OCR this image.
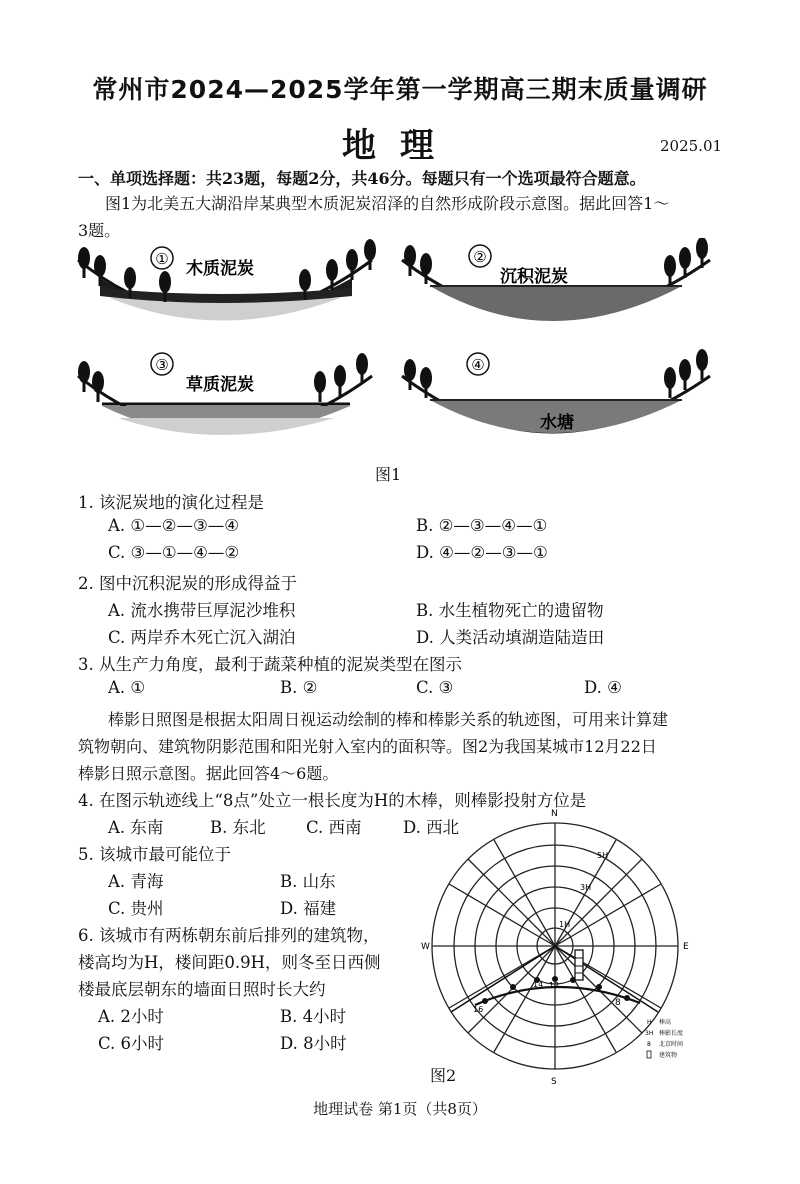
常州市2024—2025学年第一学期高三期末质量调研
地理	2025.01
一、单项选择题：共23题，每题2分，共46分。每题只有一个选项最符合题意。
图1为北美五大湖沿岸某典型木质泥炭沼泽的自然形成阶段示意图。据此回答1～
3题。
① 木质泥炭
②
沉积泥炭
③
草质泥炭
④
水塘
图1
1. 该泥炭地的演化过程是
A. ①—②—③—④	B. ②—③—④—①
C. ③—①—④—②	D. ④—②—③—①
2. 图中沉积泥炭的形成得益于
A. 流水携带巨厚泥沙堆积	B. 水生植物死亡的遗留物
C. 两岸乔木死亡沉入湖泊	D. 人类活动填湖造陆造田
3. 从生产力角度，最利于蔬菜种植的泥炭类型在图示
A. ①	B. ②	C. ③	D. ④
棒影日照图是根据太阳周日视运动绘制的棒和棒影关系的轨迹图，可用来计算建
筑物朝向、建筑物阴影范围和阳光射入室内的面积等。图2为我国某城市12月22日
棒影日照示意图。据此回答4～6题。
4. 在图示轨迹线上“8点”处立一根长度为H的木棒，则棒影投射方位是
A. 东南	B. 东北 C. 西南	D. 西北
5. 该城市最可能位于
A. 青海	B. 山东
C. 贵州	D. 福建
6. 该城市有两栋朝东前后排列的建筑物，
楼高均为H，楼间距0.9H，则冬至日西侧
楼最底层朝东的墙面日照时长大约
A. 2小时	B. 4小时
C. 6小时	D. 8小时
N
S
E
W
1H
3H
5H
8
12
14
16
H 棒高
3H 棒影长度
8 北京时间
建筑物
图2
地理试卷 第1页（共8页）
